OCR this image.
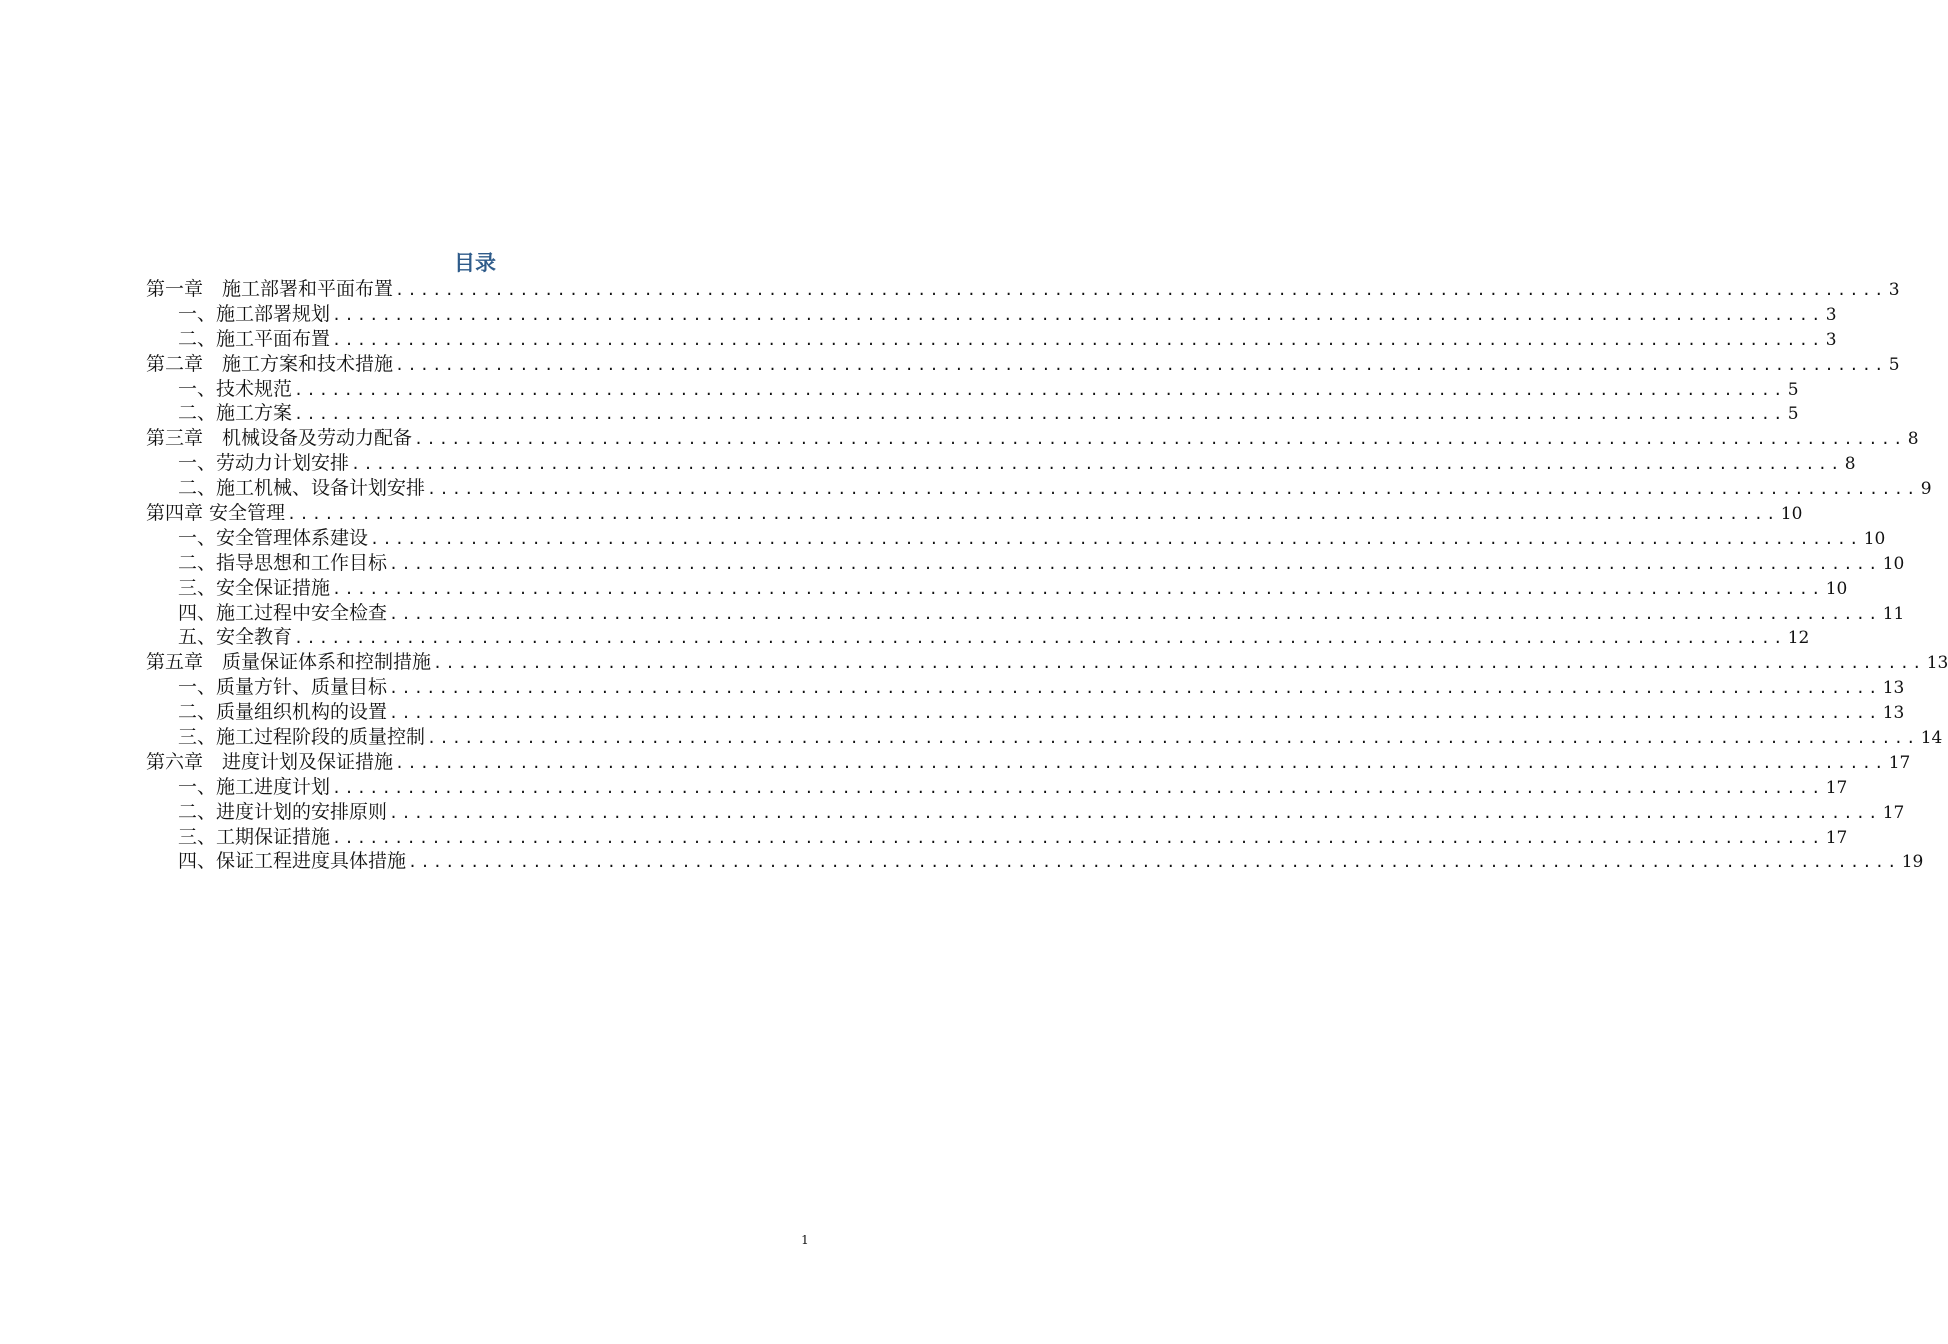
目录
第一章　施工部署和平面布置 ........................................................................................................................ 3
一、施工部署规划 ........................................................................................................................ 3
二、施工平面布置 ........................................................................................................................ 3
第二章　施工方案和技术措施 ........................................................................................................................ 5
一、技术规范 ........................................................................................................................ 5
二、施工方案 ........................................................................................................................ 5
第三章　机械设备及劳动力配备 ........................................................................................................................ 8
一、劳动力计划安排 ........................................................................................................................ 8
二、施工机械、设备计划安排 ........................................................................................................................ 9
第四章 安全管理 ........................................................................................................................ 10
一、安全管理体系建设 ........................................................................................................................ 10
二、指导思想和工作目标 ........................................................................................................................ 10
三、安全保证措施 ........................................................................................................................ 10
四、施工过程中安全检查 ........................................................................................................................ 11
五、安全教育 ........................................................................................................................ 12
第五章　质量保证体系和控制措施 ........................................................................................................................ 13
一、质量方针、质量目标 ........................................................................................................................ 13
二、质量组织机构的设置 ........................................................................................................................ 13
三、施工过程阶段的质量控制 ........................................................................................................................ 14
第六章　进度计划及保证措施 ........................................................................................................................ 17
一、施工进度计划 ........................................................................................................................ 17
二、进度计划的安排原则 ........................................................................................................................ 17
三、工期保证措施 ........................................................................................................................ 17
四、保证工程进度具体措施 ........................................................................................................................ 19
1
